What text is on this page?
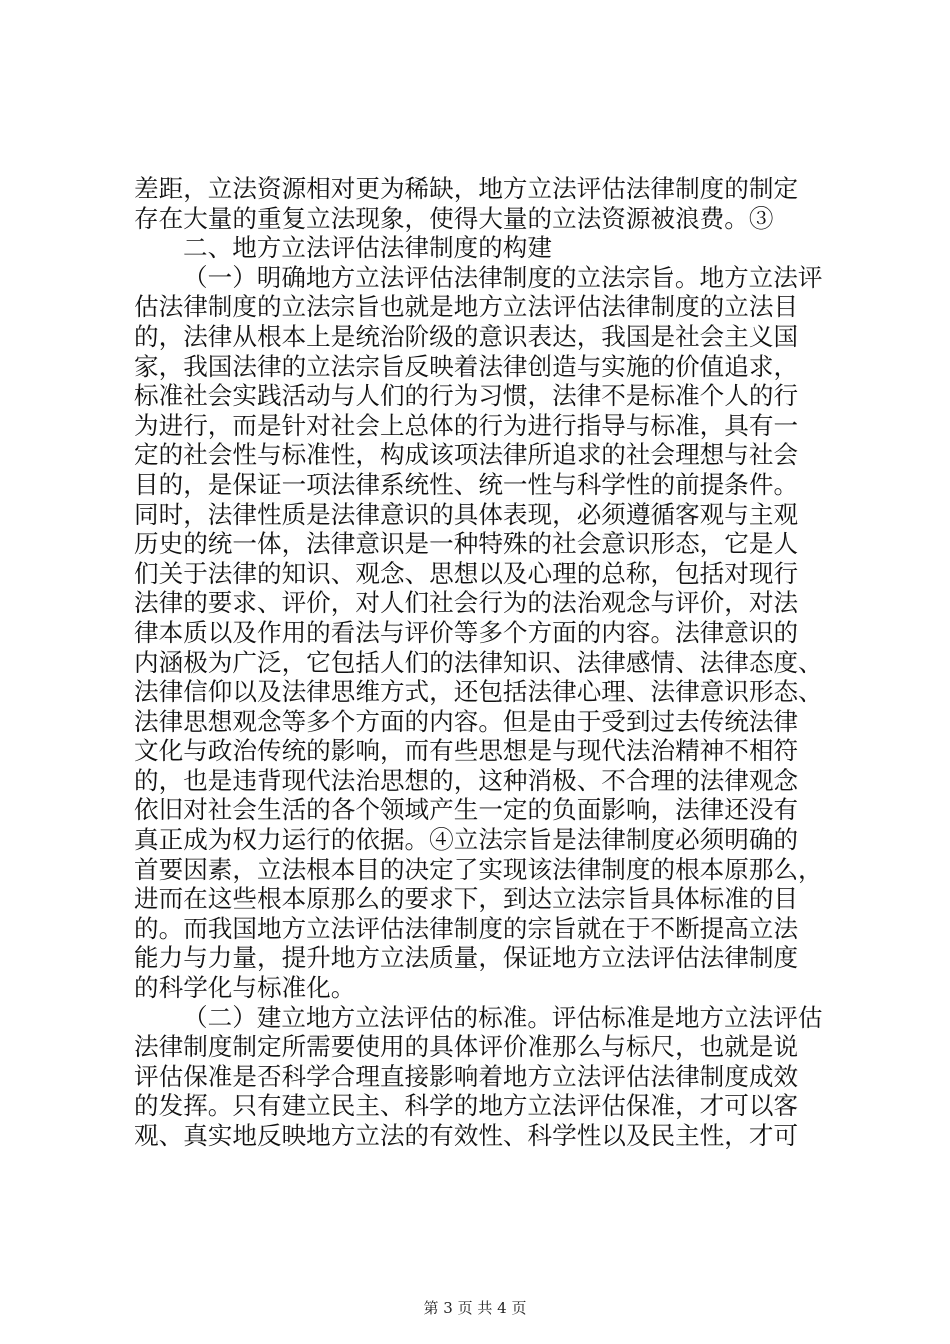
差距，立法资源相对更为稀缺，地方立法评估法律制度的制定
存在大量的重复立法现象，使得大量的立法资源被浪费。③
二、地方立法评估法律制度的构建
（一）明确地方立法评估法律制度的立法宗旨。地方立法评
估法律制度的立法宗旨也就是地方立法评估法律制度的立法目
的，法律从根本上是统治阶级的意识表达，我国是社会主义国
家，我国法律的立法宗旨反映着法律创造与实施的价值追求，
标准社会实践活动与人们的行为习惯，法律不是标准个人的行
为进行，而是针对社会上总体的行为进行指导与标准，具有一
定的社会性与标准性，构成该项法律所追求的社会理想与社会
目的，是保证一项法律系统性、统一性与科学性的前提条件。
同时，法律性质是法律意识的具体表现，必须遵循客观与主观
历史的统一体，法律意识是一种特殊的社会意识形态，它是人
们关于法律的知识、观念、思想以及心理的总称，包括对现行
法律的要求、评价，对人们社会行为的法治观念与评价，对法
律本质以及作用的看法与评价等多个方面的内容。法律意识的
内涵极为广泛，它包括人们的法律知识、法律感情、法律态度、
法律信仰以及法律思维方式，还包括法律心理、法律意识形态、
法律思想观念等多个方面的内容。但是由于受到过去传统法律
文化与政治传统的影响，而有些思想是与现代法治精神不相符
的，也是违背现代法治思想的，这种消极、不合理的法律观念
依旧对社会生活的各个领域产生一定的负面影响，法律还没有
真正成为权力运行的依据。④立法宗旨是法律制度必须明确的
首要因素，立法根本目的决定了实现该法律制度的根本原那么，
进而在这些根本原那么的要求下，到达立法宗旨具体标准的目
的。而我国地方立法评估法律制度的宗旨就在于不断提高立法
能力与力量，提升地方立法质量，保证地方立法评估法律制度
的科学化与标准化。
（二）建立地方立法评估的标准。评估标准是地方立法评估
法律制度制定所需要使用的具体评价准那么与标尺，也就是说
评估保准是否科学合理直接影响着地方立法评估法律制度成效
的发挥。只有建立民主、科学的地方立法评估保准，才可以客
观、真实地反映地方立法的有效性、科学性以及民主性，才可
第 3 页 共 4 页
